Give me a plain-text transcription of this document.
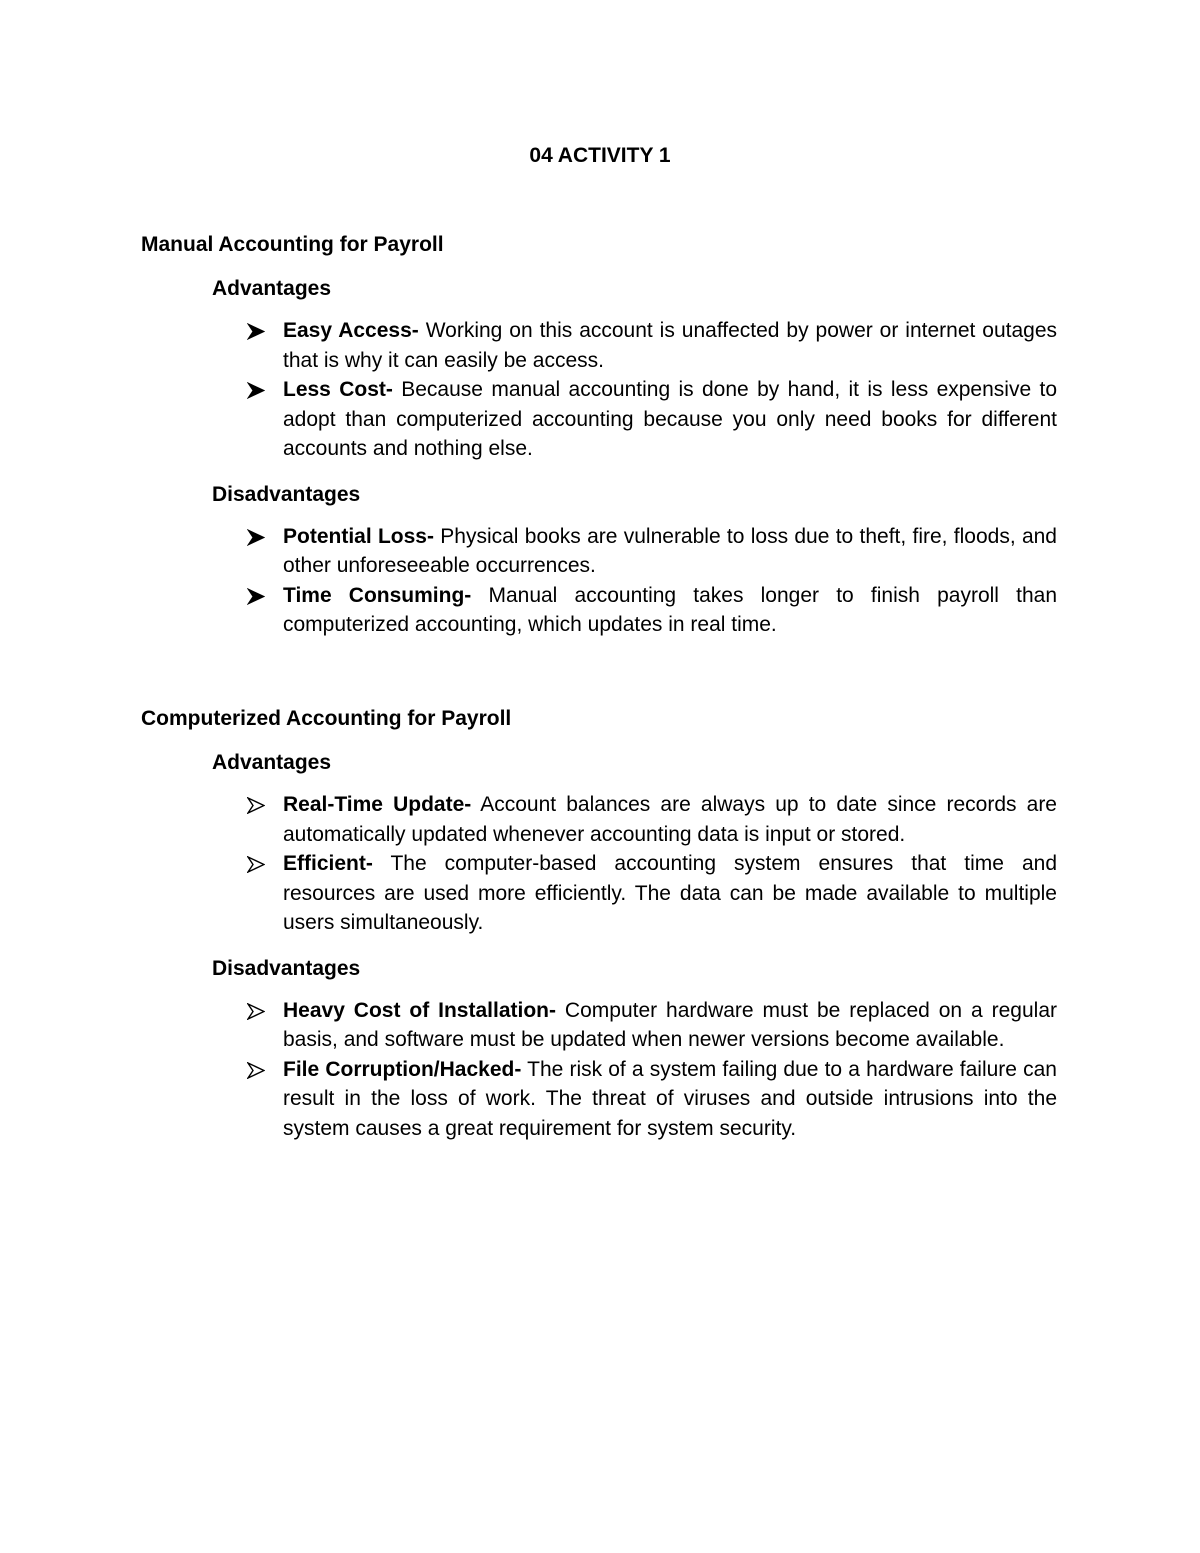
04 ACTIVITY 1
Manual Accounting for Payroll
Advantages
Easy Access- Working on this account is unaffected by power or internet outages that is why it can easily be access.
Less Cost- Because manual accounting is done by hand, it is less expensive to adopt than computerized accounting because you only need books for different accounts and nothing else.
Disadvantages
Potential Loss- Physical books are vulnerable to loss due to theft, fire, floods, and other unforeseeable occurrences.
Time Consuming- Manual accounting takes longer to finish payroll than computerized accounting, which updates in real time.
Computerized Accounting for Payroll
Advantages
Real-Time Update- Account balances are always up to date since records are automatically updated whenever accounting data is input or stored.
Efficient- The computer-based accounting system ensures that time and resources are used more efficiently. The data can be made available to multiple users simultaneously.
Disadvantages
Heavy Cost of Installation- Computer hardware must be replaced on a regular basis, and software must be updated when newer versions become available.
File Corruption/Hacked- The risk of a system failing due to a hardware failure can result in the loss of work. The threat of viruses and outside intrusions into the system causes a great requirement for system security.
